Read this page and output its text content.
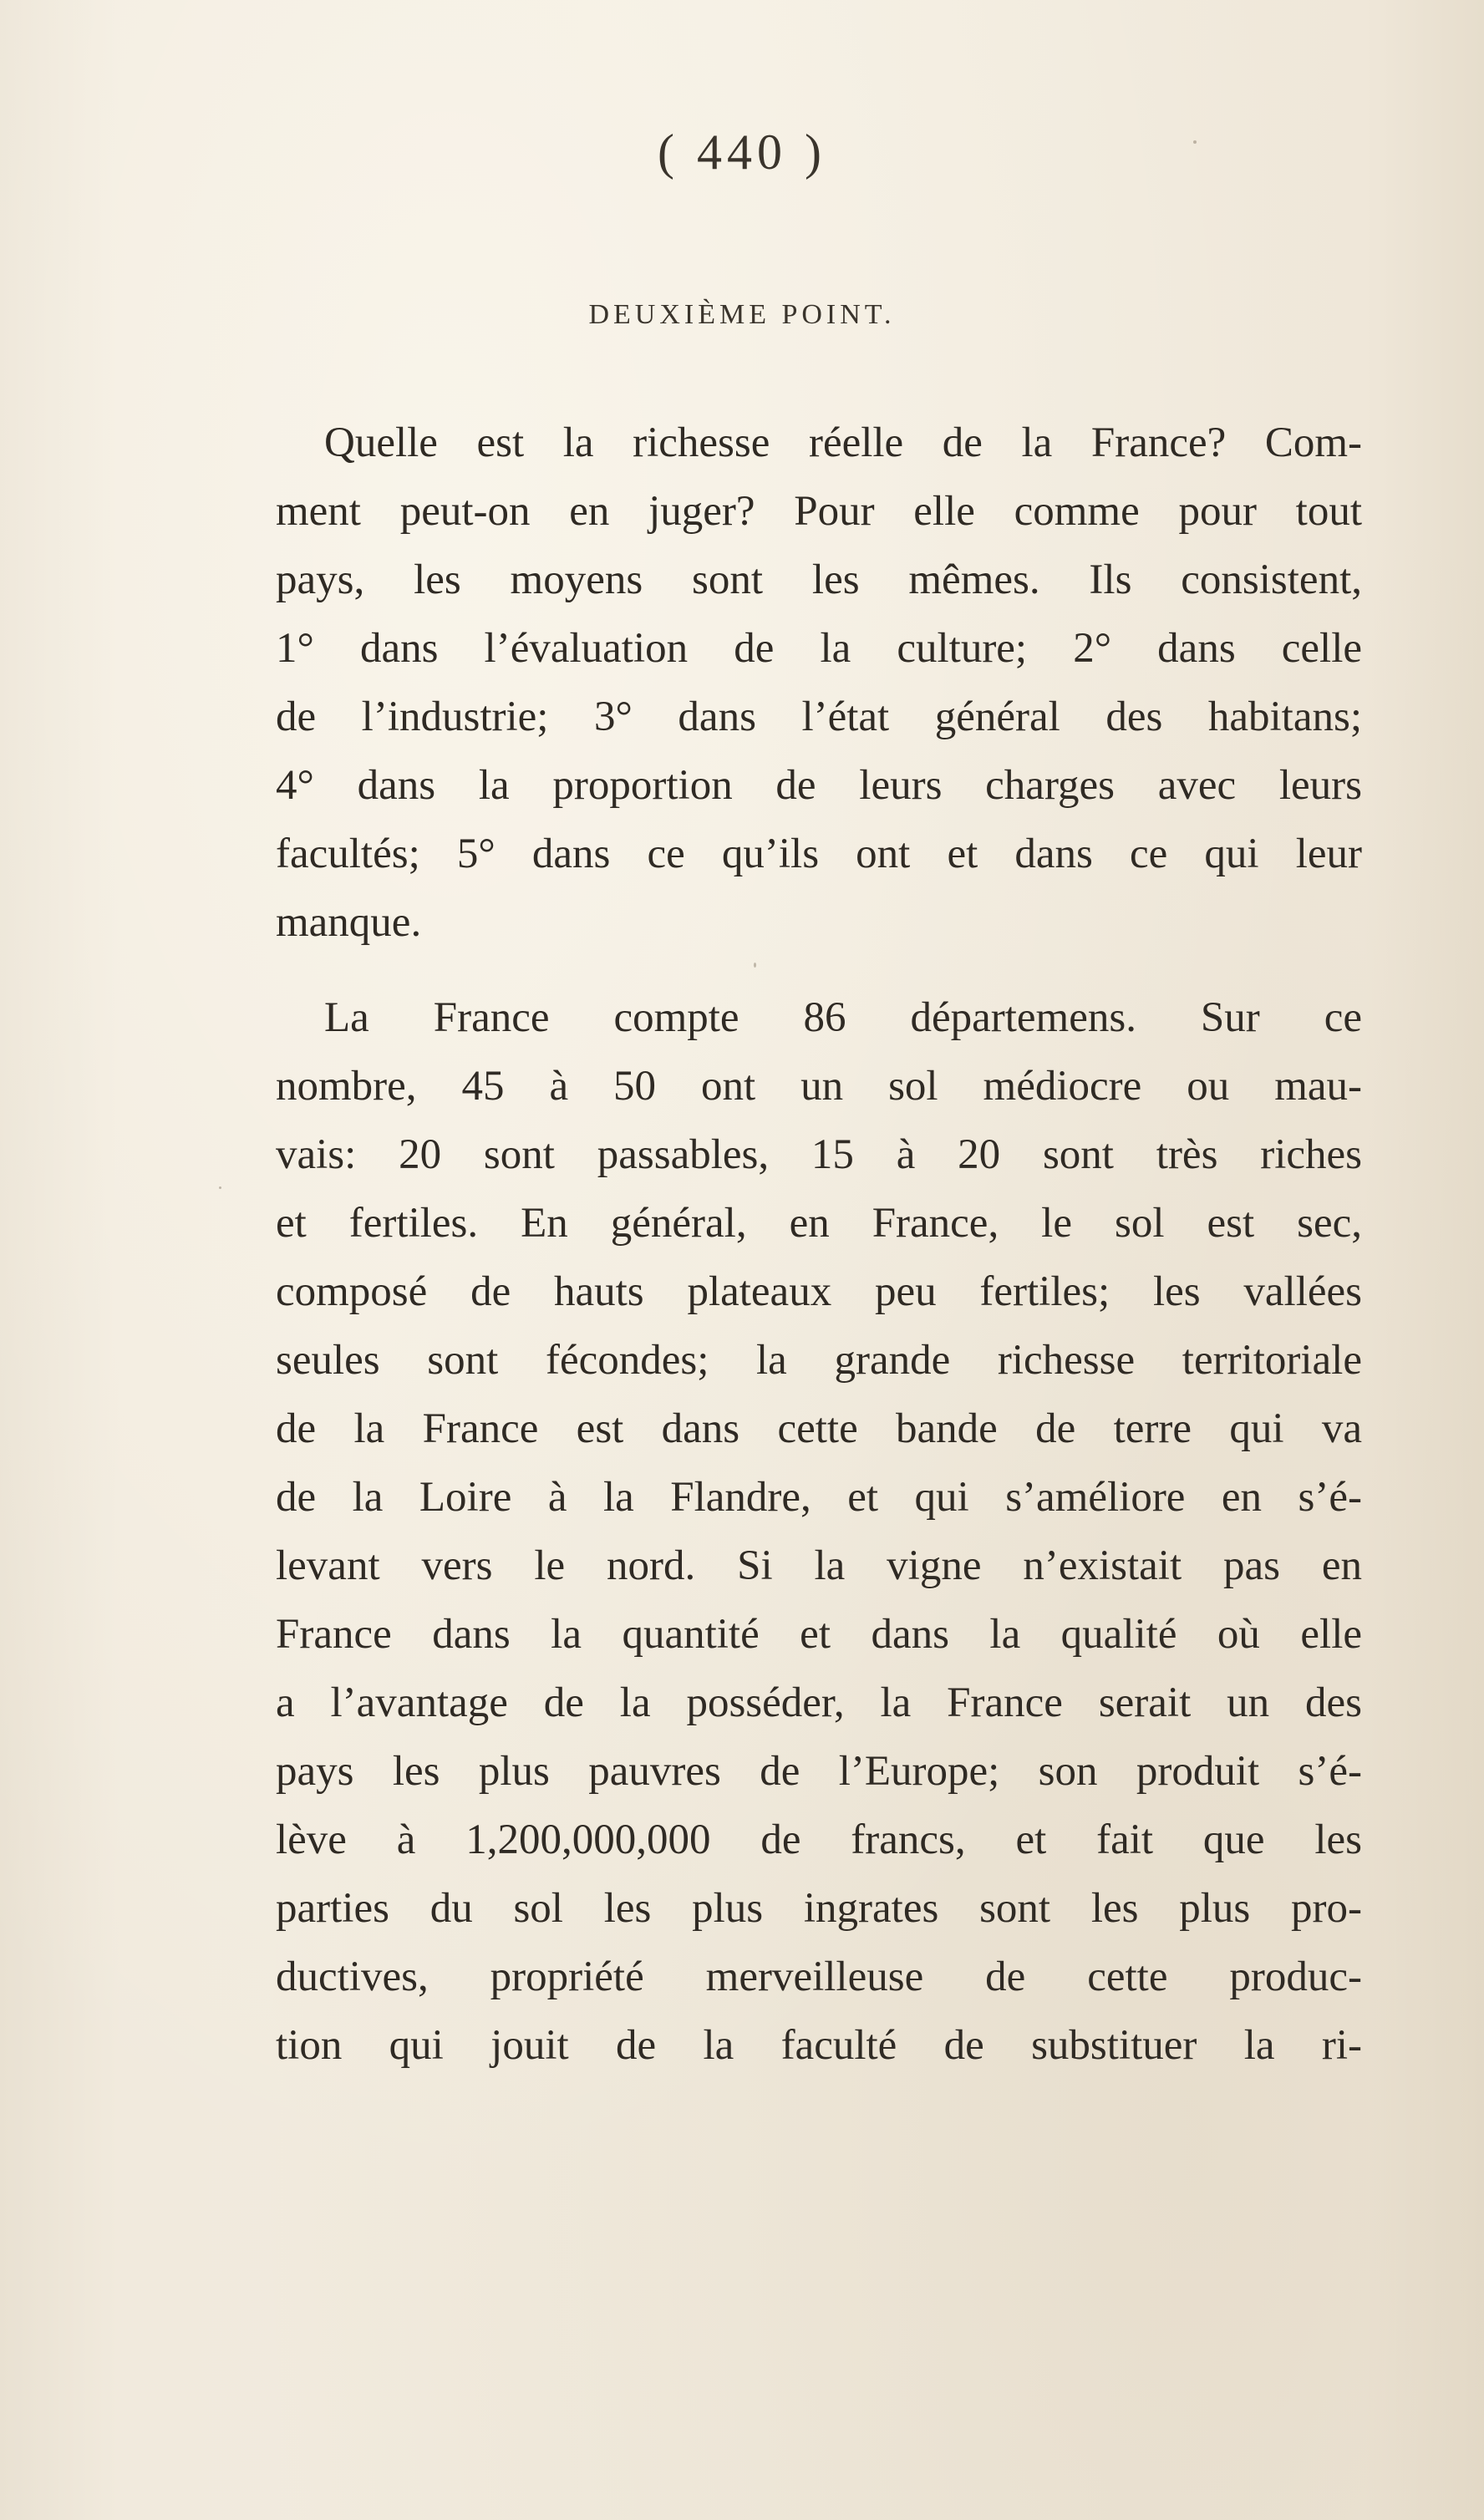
( 440 )
DEUXIÈME POINT.
Quelle est la richesse réelle de la France? Com-
ment peut-on en juger? Pour elle comme pour tout
pays, les moyens sont les mêmes. Ils consistent,
1° dans l’évaluation de la culture; 2° dans celle
de l’industrie; 3° dans l’état général des habitans;
4° dans la proportion de leurs charges avec leurs
facultés; 5° dans ce qu’ils ont et dans ce qui leur
manque.
La France compte 86 départemens. Sur ce
nombre, 45 à 50 ont un sol médiocre ou mau-
vais: 20 sont passables, 15 à 20 sont très riches
et fertiles. En général, en France, le sol est sec,
composé de hauts plateaux peu fertiles; les vallées
seules sont fécondes; la grande richesse territoriale
de la France est dans cette bande de terre qui va
de la Loire à la Flandre, et qui s’améliore en s’é-
levant vers le nord. Si la vigne n’existait pas en
France dans la quantité et dans la qualité où elle
a l’avantage de la posséder, la France serait un des
pays les plus pauvres de l’Europe; son produit s’é-
lève à 1,200,000,000 de francs, et fait que les
parties du sol les plus ingrates sont les plus pro-
ductives, propriété merveilleuse de cette produc-
tion qui jouit de la faculté de substituer la ri-
